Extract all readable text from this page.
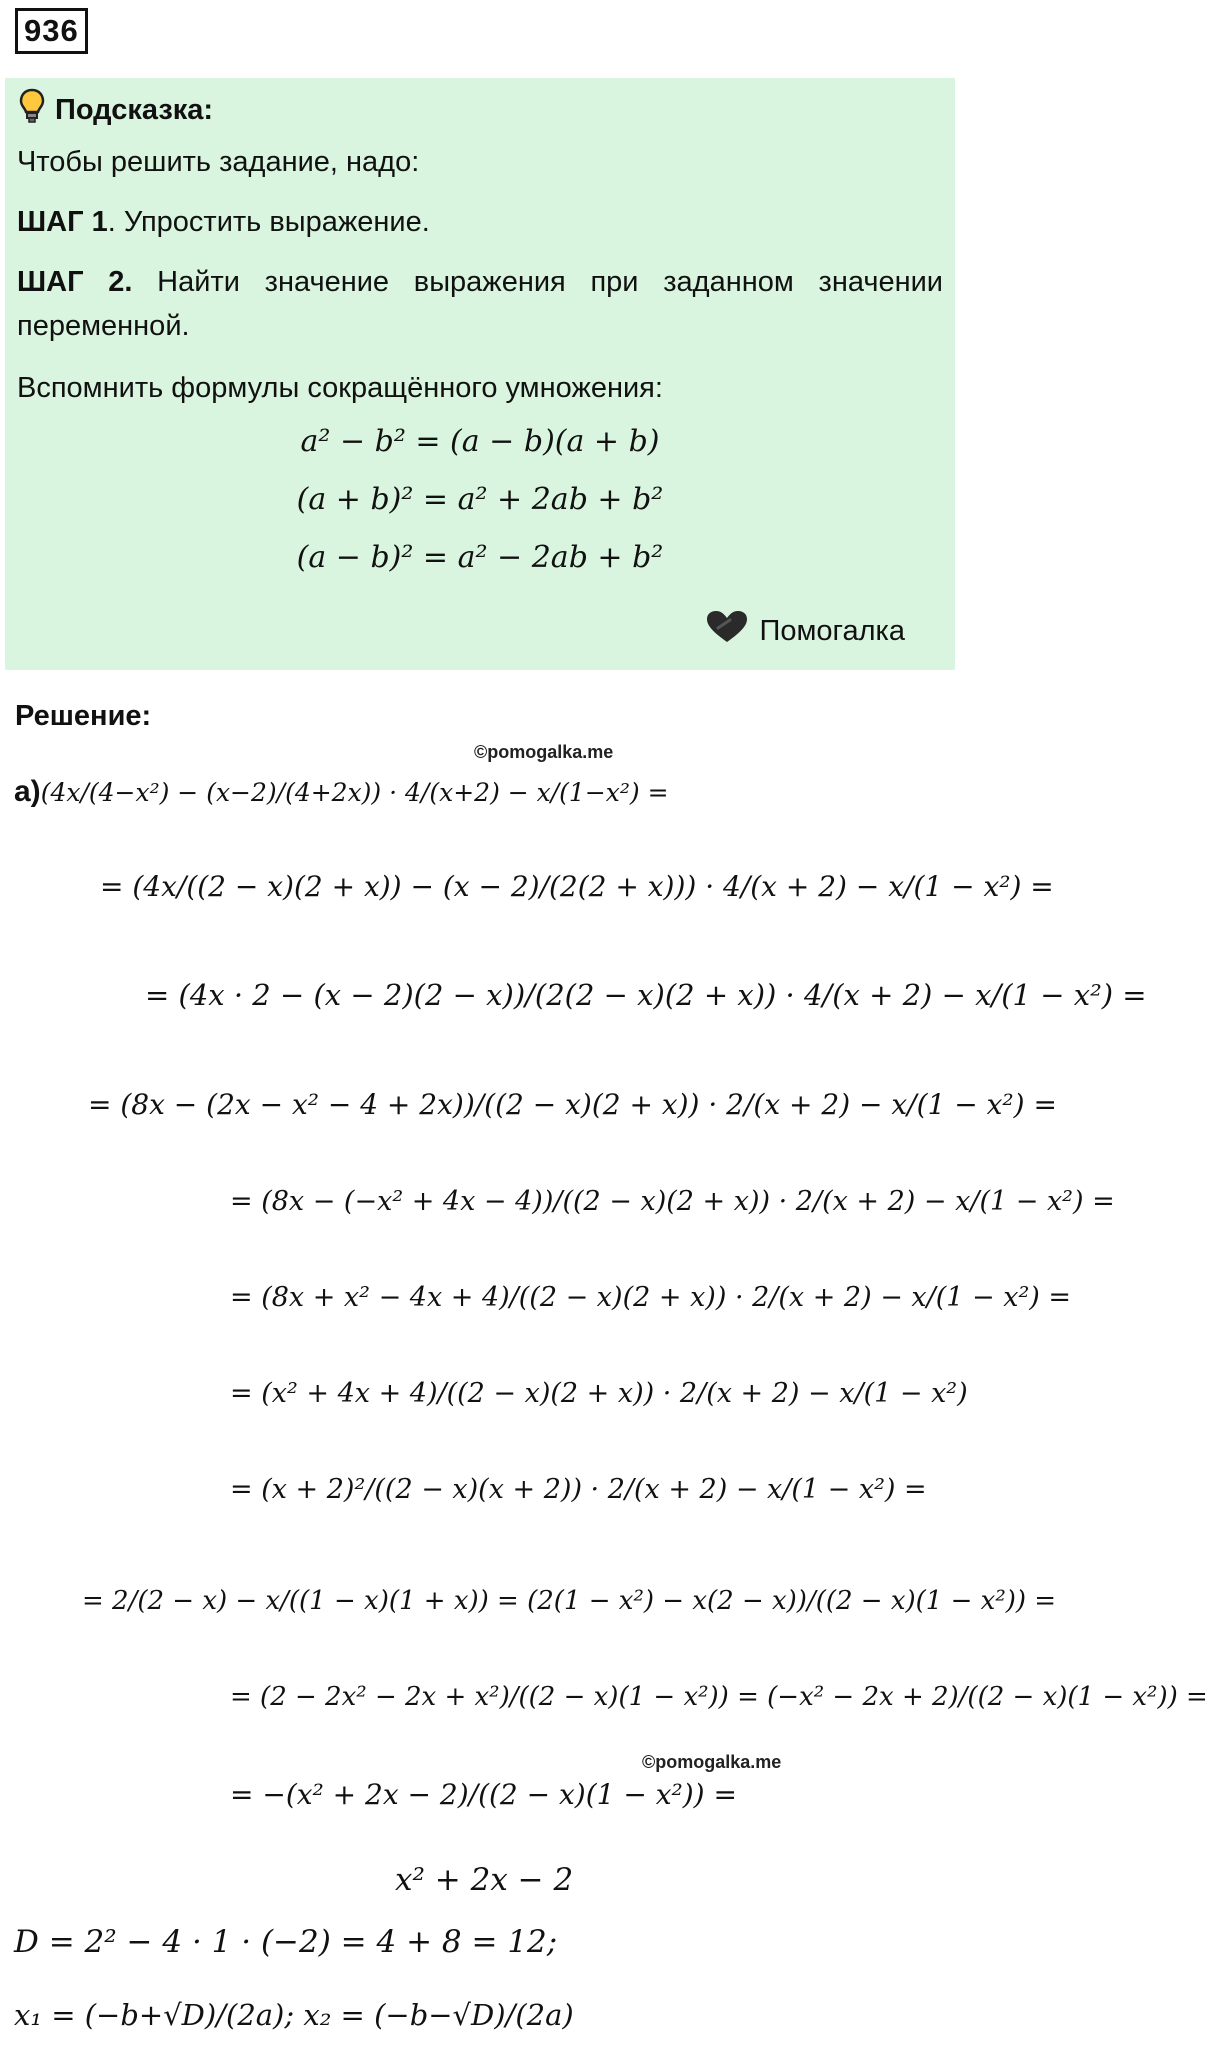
936
Подсказка:
Чтобы решить задание, надо:
ШАГ 1. Упростить выражение.
ШАГ 2. Найти значение выражения при заданном значении переменной.
Вспомнить формулы сокращённого умножения:
a² − b² = (a − b)(a + b)
(a + b)² = a² + 2ab + b²
(a − b)² = a² − 2ab + b²
Помогалка
Решение:
©pomogalka.me
©pomogalka.me
а) (4x/(4−x²) − (x−2)/(4+2x)) · 4/(x+2) − x/(1−x²) =
= (4x/((2 − x)(2 + x)) − (x − 2)/(2(2 + x))) · 4/(x + 2) − x/(1 − x²) =
= (4x · 2 − (x − 2)(2 − x))/(2(2 − x)(2 + x)) · 4/(x + 2) − x/(1 − x²) =
= (8x − (2x − x² − 4 + 2x))/((2 − x)(2 + x)) · 2/(x + 2) − x/(1 − x²) =
= (8x − (−x² + 4x − 4))/((2 − x)(2 + x)) · 2/(x + 2) − x/(1 − x²) =
= (8x + x² − 4x + 4)/((2 − x)(2 + x)) · 2/(x + 2) − x/(1 − x²) =
= (x² + 4x + 4)/((2 − x)(2 + x)) · 2/(x + 2) − x/(1 − x²)
= (x + 2)²/((2 − x)(x + 2)) · 2/(x + 2) − x/(1 − x²) =
= 2/(2 − x) − x/((1 − x)(1 + x)) = (2(1 − x²) − x(2 − x))/((2 − x)(1 − x²)) =
= (2 − 2x² − 2x + x²)/((2 − x)(1 − x²)) = (−x² − 2x + 2)/((2 − x)(1 − x²)) =
= −(x² + 2x − 2)/((2 − x)(1 − x²)) =
x² + 2x − 2
D = 2² − 4 · 1 · (−2) = 4 + 8 = 12;
x₁ = (−b+√D)/(2a); x₂ = (−b−√D)/(2a)
